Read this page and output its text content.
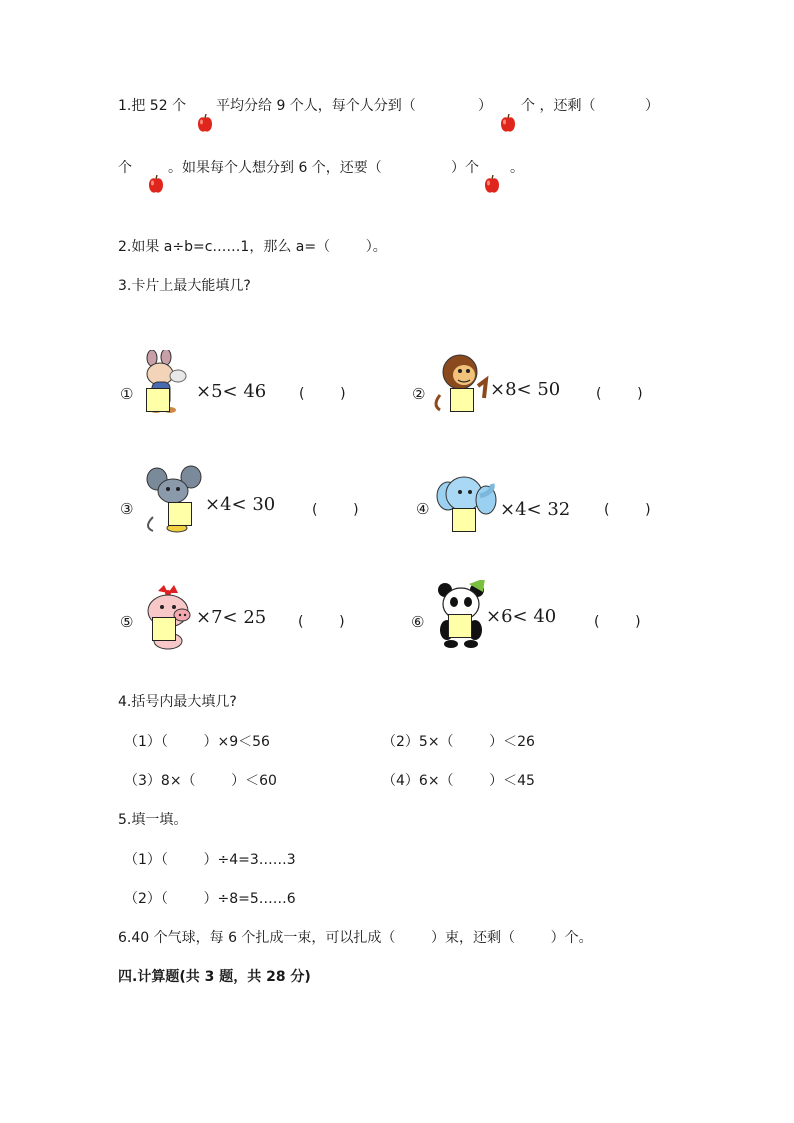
1.把 52 个 平均分给 9 个人，每个人分到（	） 个 ，还剩（	）
个	。如果每个人想分到 6 个，还要（	）个 。
2.如果 a÷b=c……1，那么 a=（        ）。
3.卡片上最大能填几?
①	×5< 46 (        )	②	×8< 50	(        )
③	×4< 30	(        )	④	×4< 32 (        )
⑤	×7< 25 (        )	⑥	×6< 40	(        )
4.括号内最大填几?
（1）（        ）×9＜56	（2）5×（        ）＜26
（3）8×（        ）＜60	（4）6×（        ）＜45
5.填一填。
（1）（        ）÷4=3……3
（2）（        ）÷8=5……6
6.40 个气球，每 6 个扎成一束，可以扎成（        ）束，还剩（        ）个。
四.计算题(共 3 题，共 28 分)
